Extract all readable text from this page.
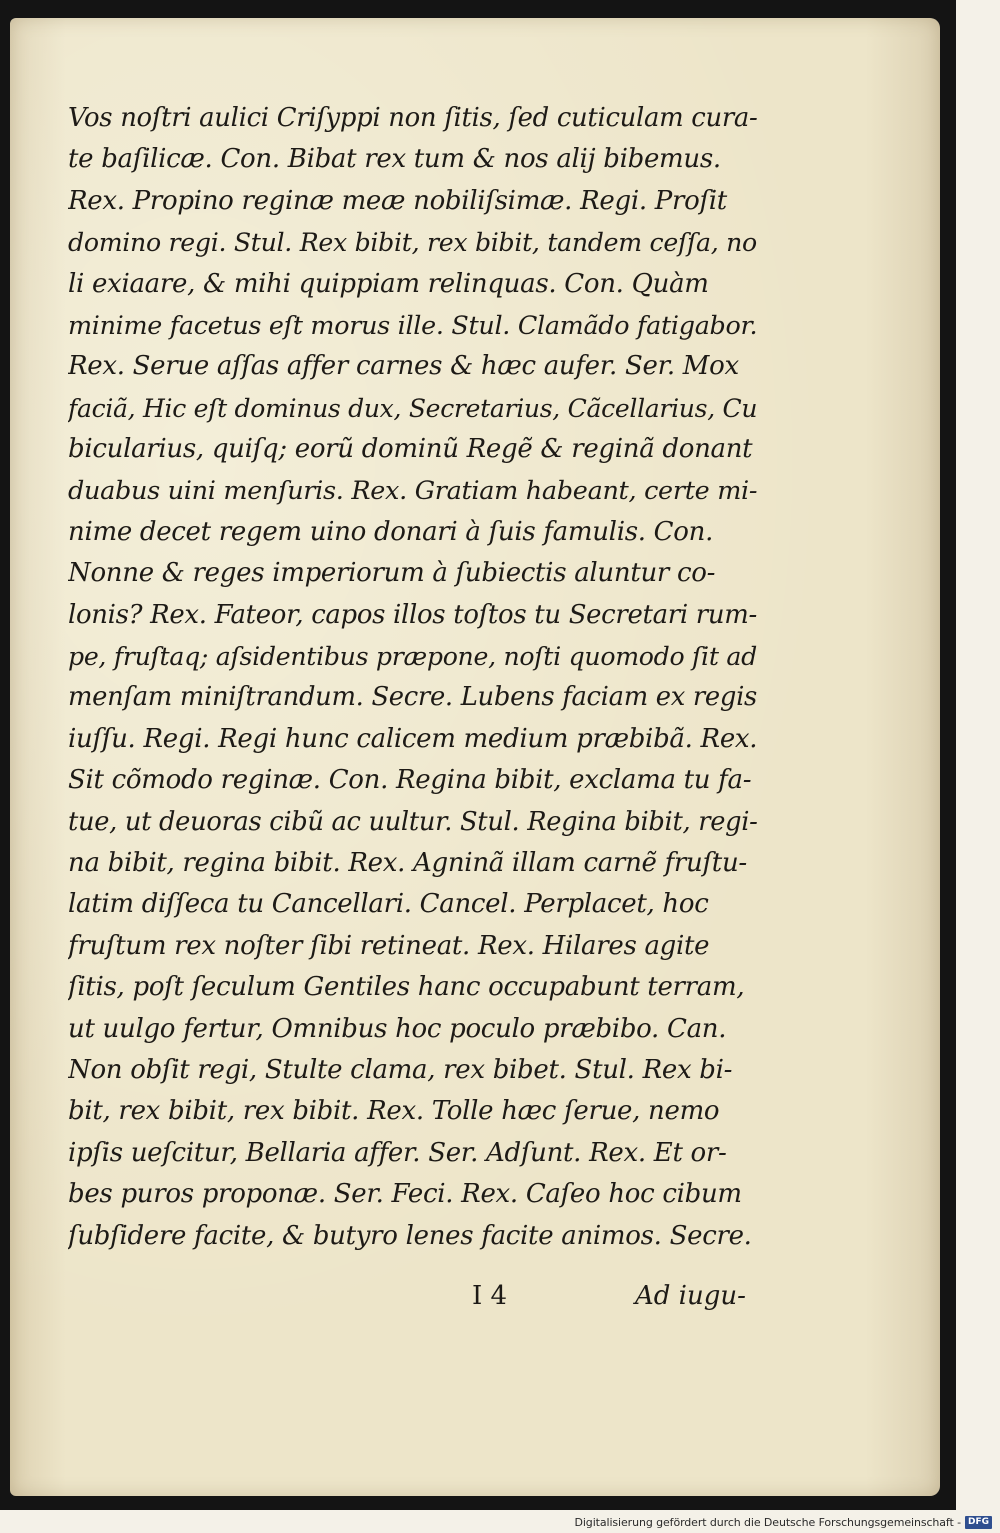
Vos noſtri aulici Criſyppi non ſitis, ſed cuticulam cura-
te baſilicæ. Con. Bibat rex tum & nos alij bibemus.
Rex. Propino reginæ meæ nobiliſsimæ. Regi. Proſit
domino regi. Stul. Rex bibit, rex bibit, tandem ceſſa, no
li exiaare, & mihi quippiam relinquas. Con. Quàm
minime facetus eſt morus ille. Stul. Clamãdo fatigabor.
Rex. Serue aſſas affer carnes & hæc aufer. Ser. Mox
faciã, Hic eſt dominus dux, Secretarius, Cãcellarius, Cu
bicularius, quiſq; eorũ dominũ Regẽ & reginã donant
duabus uini menſuris. Rex. Gratiam habeant, certe mi-
nime decet regem uino donari à ſuis famulis. Con.
Nonne & reges imperiorum à ſubiectis aluntur co-
lonis? Rex. Fateor, capos illos toſtos tu Secretari rum-
pe, fruſtaq; aſsidentibus præpone, noſti quomodo ſit ad
menſam miniſtrandum. Secre. Lubens faciam ex regis
iuſſu. Regi. Regi hunc calicem medium præbibã. Rex.
Sit cõmodo reginæ. Con. Regina bibit, exclama tu fa-
tue, ut deuoras cibũ ac uultur. Stul. Regina bibit, regi-
na bibit, regina bibit. Rex. Agninã illam carnẽ fruſtu-
latim diſſeca tu Cancellari. Cancel. Perplacet, hoc
fruſtum rex noſter ſibi retineat. Rex. Hilares agite
ſitis, poſt ſeculum Gentiles hanc occupabunt terram,
ut uulgo fertur, Omnibus hoc poculo præbibo. Can.
Non obſit regi, Stulte clama, rex bibet. Stul. Rex bi-
bit, rex bibit, rex bibit. Rex. Tolle hæc ſerue, nemo
ipſis ueſcitur, Bellaria affer. Ser. Adſunt. Rex. Et or-
bes puros proponæ. Ser. Feci. Rex. Caſeo hoc cibum
ſubſidere facite, & butyro lenes facite animos. Secre.
I 4	Ad iugu-
Digitalisierung gefördert durch die Deutsche Forschungsgemeinschaft - DFG
